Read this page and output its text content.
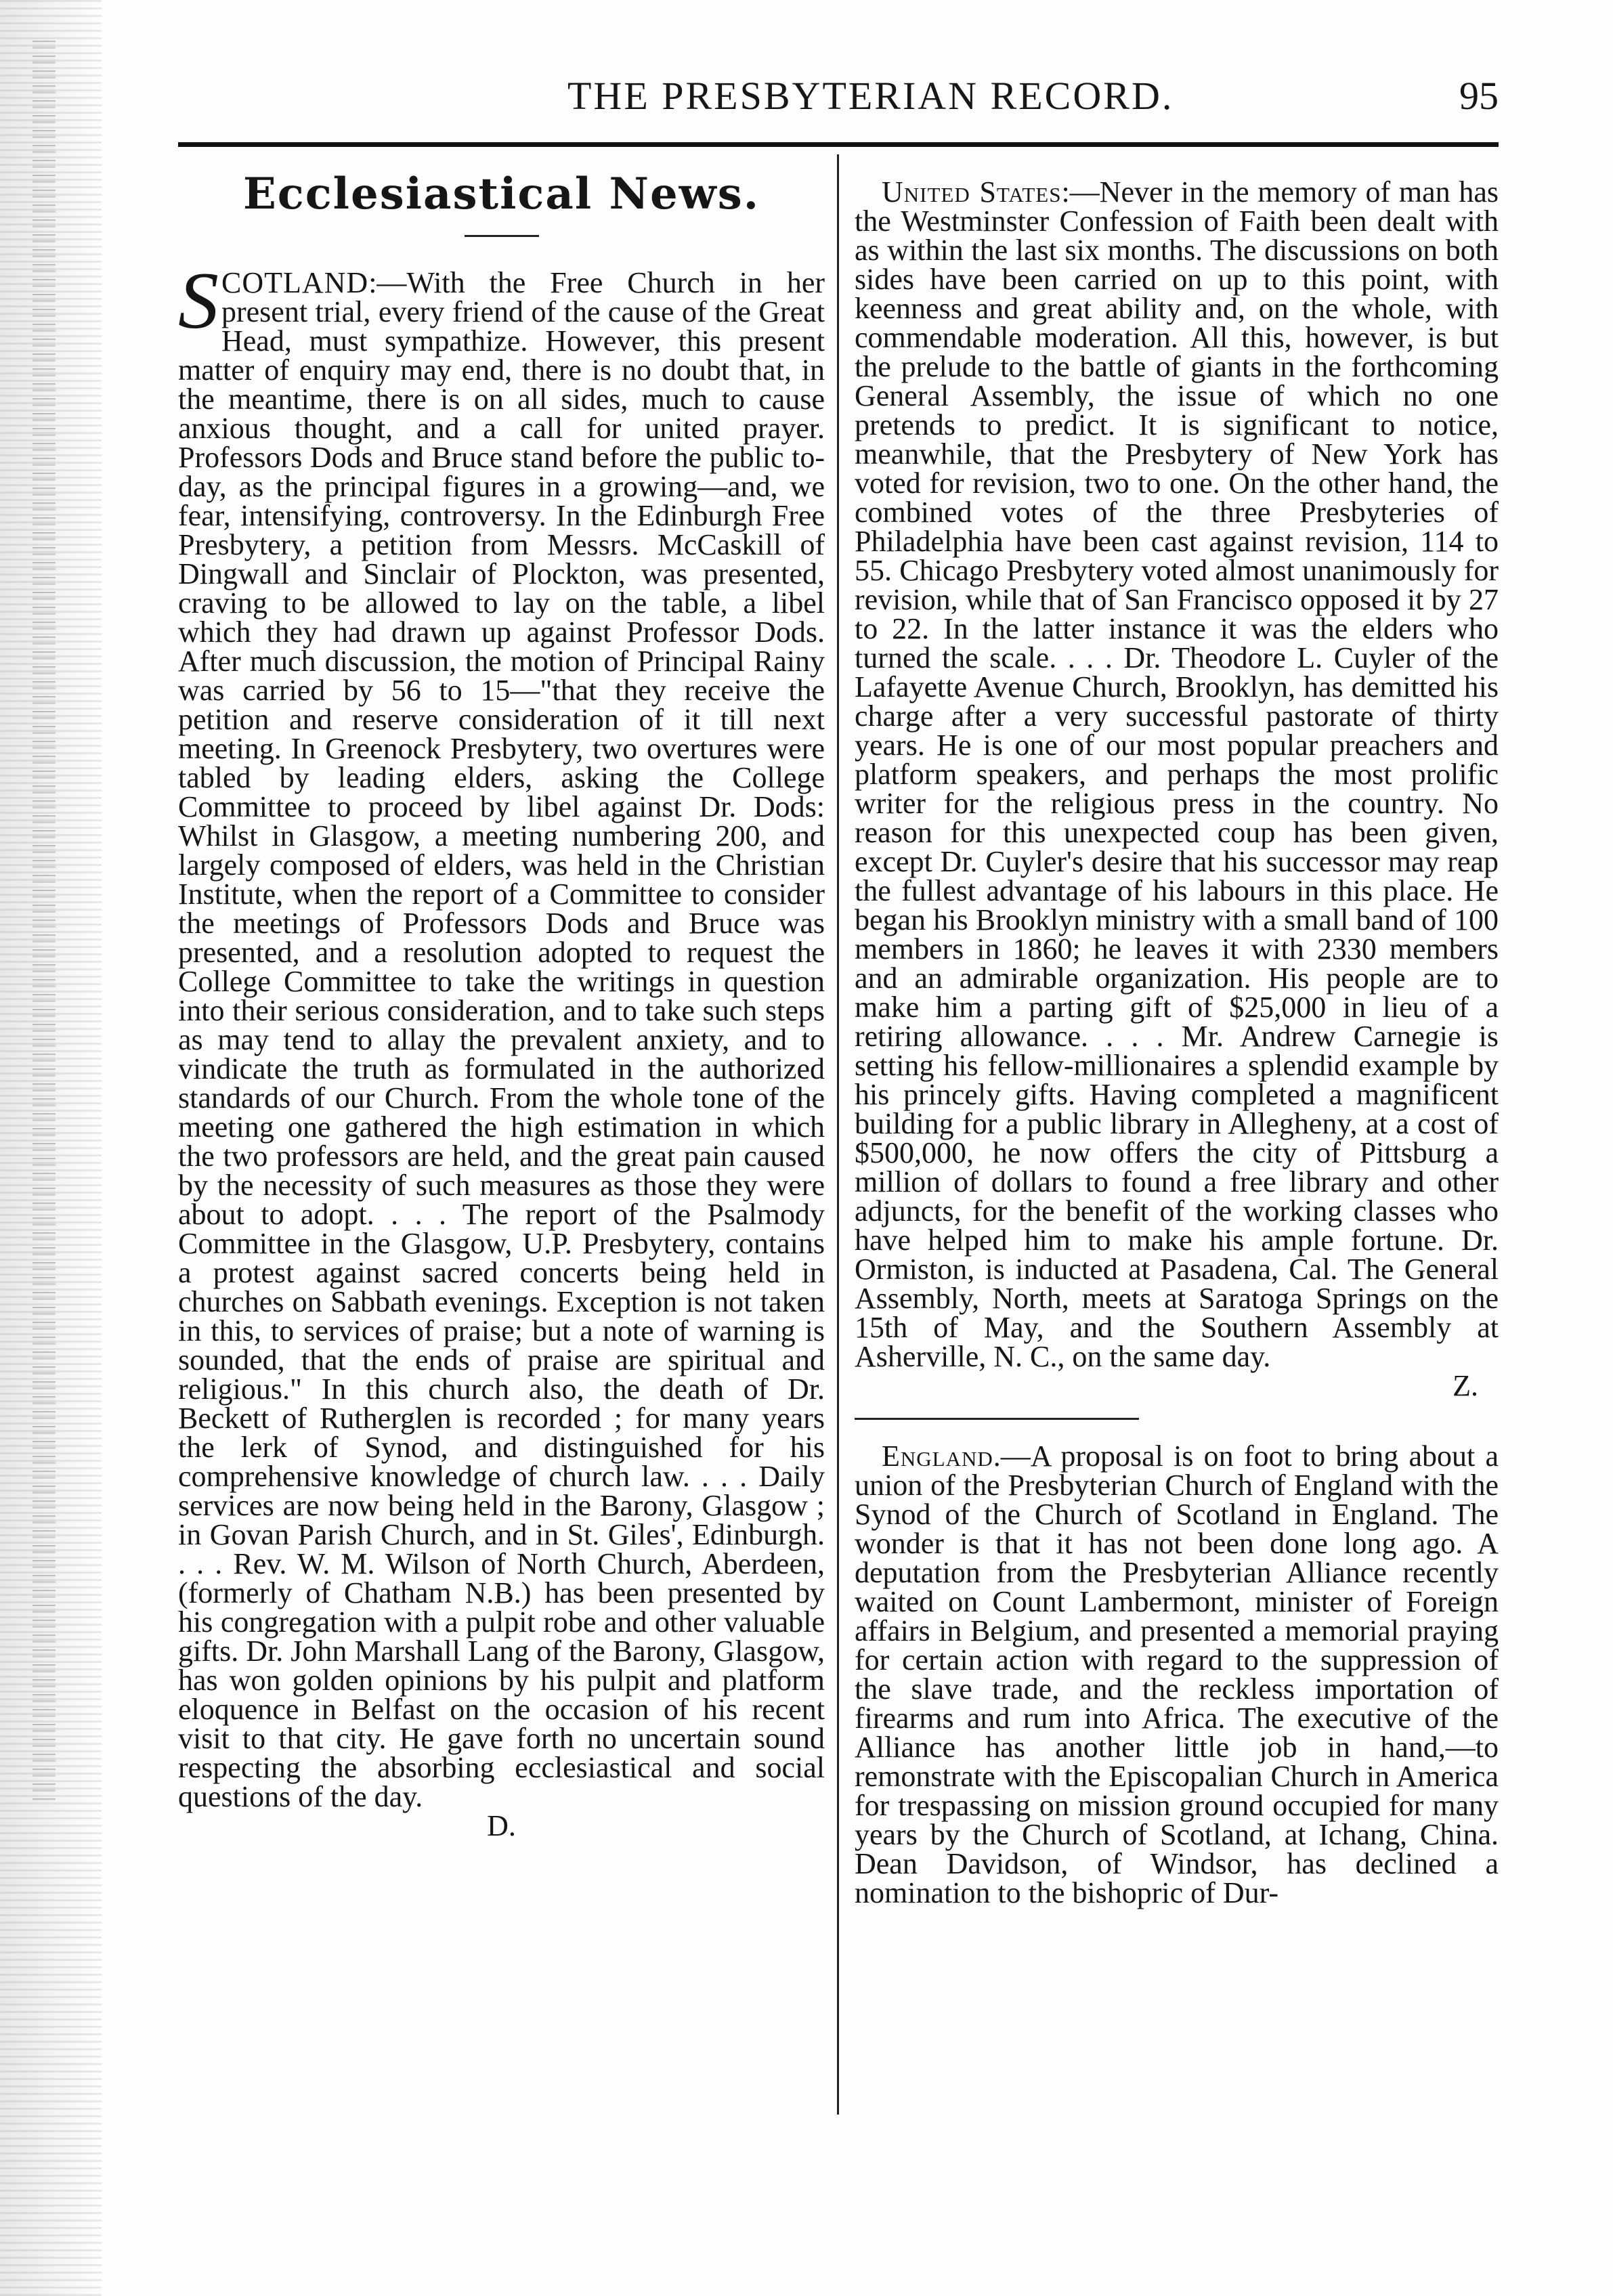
THE PRESBYTERIAN RECORD.	95
Ecclesiastical News.

SCOTLAND:—With the Free Church in her present trial, every friend of the cause of the Great Head, must sympathize. However, this present matter of enquiry may end, there is no doubt that, in the meantime, there is on all sides, much to cause anxious thought, and a call for united prayer. Professors Dods and Bruce stand before the public to-day, as the principal figures in a growing—and, we fear, intensifying, controversy. In the Edinburgh Free Presbytery, a petition from Messrs. McCaskill of Dingwall and Sinclair of Plockton, was presented, craving to be allowed to lay on the table, a libel which they had drawn up against Professor Dods. After much discussion, the motion of Principal Rainy was carried by 56 to 15—"that they receive the petition and reserve consideration of it till next meeting. In Greenock Presbytery, two overtures were tabled by leading elders, asking the College Committee to proceed by libel against Dr. Dods: Whilst in Glasgow, a meeting numbering 200, and largely composed of elders, was held in the Christian Institute, when the report of a Committee to consider the meetings of Professors Dods and Bruce was presented, and a resolution adopted to request the College Committee to take the writings in question into their serious consideration, and to take such steps as may tend to allay the prevalent anxiety, and to vindicate the truth as formulated in the authorized standards of our Church. From the whole tone of the meeting one gathered the high estimation in which the two professors are held, and the great pain caused by the necessity of such measures as those they were about to adopt. . . . The report of the Psalmody Committee in the Glasgow, U.P. Presbytery, contains a protest against sacred concerts being held in churches on Sabbath evenings. Exception is not taken in this, to services of praise; but a note of warning is sounded, that the ends of praise are spiritual and religious." In this church also, the death of Dr. Beckett of Rutherglen is recorded ; for many years the lerk of Synod, and distinguished for his comprehensive knowledge of church law. . . . Daily services are now being held in the Barony, Glasgow ; in Govan Parish Church, and in St. Giles', Edinburgh. . . . Rev. W. M. Wilson of North Church, Aberdeen, (formerly of Chatham N.B.) has been presented by his congregation with a pulpit robe and other valuable gifts. Dr. John Marshall Lang of the Barony, Glasgow, has won golden opinions by his pulpit and platform eloquence in Belfast on the occasion of his recent visit to that city. He gave forth no uncertain sound respecting the absorbing ecclesiastical and social questions of the day.

D.

United States:—Never in the memory of man has the Westminster Confession of Faith been dealt with as within the last six months. The discussions on both sides have been carried on up to this point, with keenness and great ability and, on the whole, with commendable moderation. All this, however, is but the prelude to the battle of giants in the forthcoming General Assembly, the issue of which no one pretends to predict. It is significant to notice, meanwhile, that the Presbytery of New York has voted for revision, two to one. On the other hand, the combined votes of the three Presbyteries of Philadelphia have been cast against revision, 114 to 55. Chicago Presbytery voted almost unanimously for revision, while that of San Francisco opposed it by 27 to 22. In the latter instance it was the elders who turned the scale. . . . Dr. Theodore L. Cuyler of the Lafayette Avenue Church, Brooklyn, has demitted his charge after a very successful pastorate of thirty years. He is one of our most popular preachers and platform speakers, and perhaps the most prolific writer for the religious press in the country. No reason for this unexpected coup has been given, except Dr. Cuyler's desire that his successor may reap the fullest advantage of his labours in this place. He began his Brooklyn ministry with a small band of 100 members in 1860; he leaves it with 2330 members and an admirable organization. His people are to make him a parting gift of $25,000 in lieu of a retiring allowance. . . . Mr. Andrew Carnegie is setting his fellow-millionaires a splendid example by his princely gifts. Having completed a magnificent building for a public library in Allegheny, at a cost of $500,000, he now offers the city of Pittsburg a million of dollars to found a free library and other adjuncts, for the benefit of the working classes who have helped him to make his ample fortune. Dr. Ormiston, is inducted at Pasadena, Cal. The General Assembly, North, meets at Saratoga Springs on the 15th of May, and the Southern Assembly at Asherville, N. C., on the same day.

Z.

England.—A proposal is on foot to bring about a union of the Presbyterian Church of England with the Synod of the Church of Scotland in England. The wonder is that it has not been done long ago. A deputation from the Presbyterian Alliance recently waited on Count Lambermont, minister of Foreign affairs in Belgium, and presented a memorial praying for certain action with regard to the suppression of the slave trade, and the reckless importation of firearms and rum into Africa. The executive of the Alliance has another little job in hand,—to remonstrate with the Episcopalian Church in America for trespassing on mission ground occupied for many years by the Church of Scotland, at Ichang, China. Dean Davidson, of Windsor, has declined a nomination to the bishopric of Dur-
